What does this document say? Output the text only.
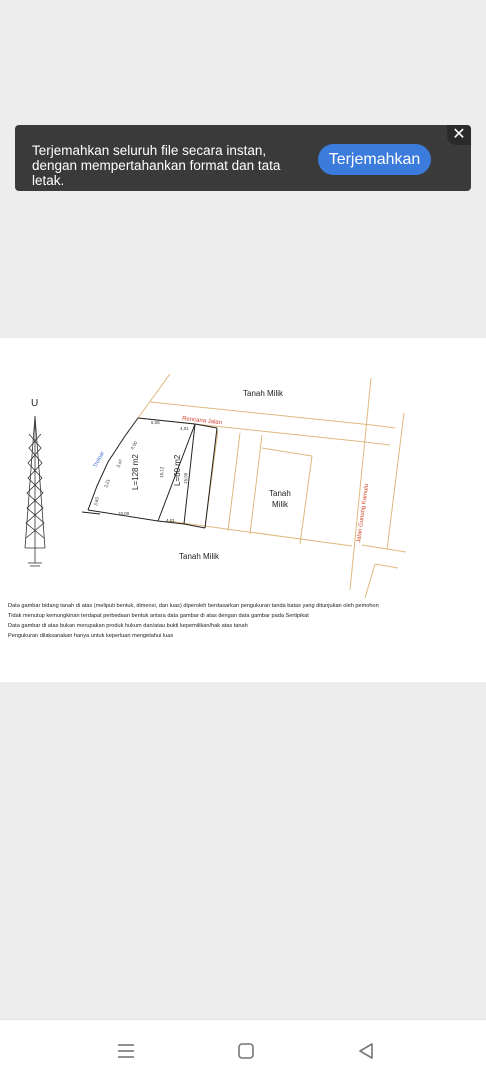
Terjemahkan seluruh file secara instan, dengan mempertahankan format dan tata letak.
Terjemahkan
✕
U
Tanah Milik
Tanah Milik
Tanah
Milik
Rencana Jalan
Jalan Gunung Kamulu
Trotoar	L=128 m2	L=60 m2
5,06
4,01
4,00
3,47
3,21
3,65
10,00
4,01
15,12
15,00
Data gambar bidang tanah di atas (meliputi bentuk, dimensi, dan luas) diperoleh berdasarkan pengukuran tanda batas yang ditunjukan oleh pemohon
Tidak menutup kemungkinan terdapat perbedaan bentuk antara data gambar di atas dengan data gambar pada Sertipikat
Data gambar di atas bukan merupakan produk hukum dan/atau bukti kepemilikan/hak atas tanah
Pengukuran dilaksanakan hanya untuk keperluan mengetahui luas
